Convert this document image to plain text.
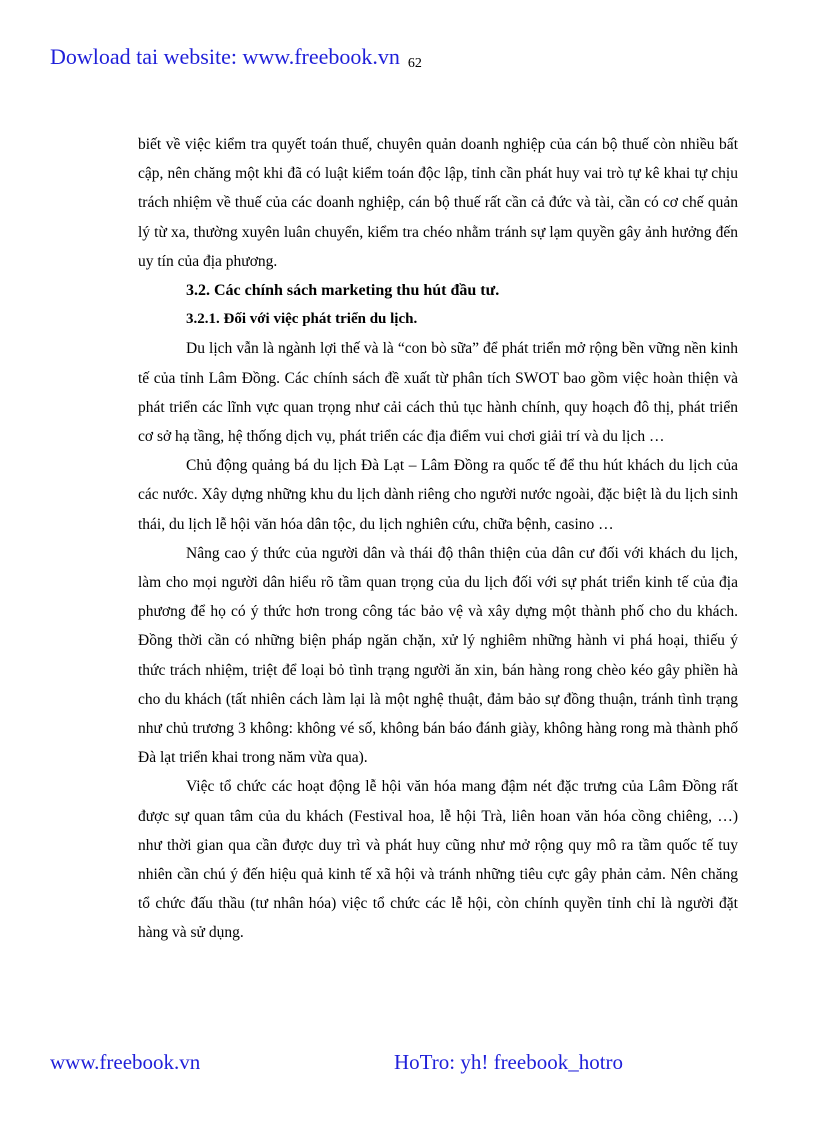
Dowload tai website: www.freebook.vn 62

biết về việc kiểm tra quyết toán thuế, chuyên quản doanh nghiệp của cán bộ thuế còn nhiều bất cập, nên chăng một khi đã có luật kiểm toán độc lập, tỉnh cần phát huy vai trò tự kê khai tự chịu trách nhiệm về thuế của các doanh nghiệp, cán bộ thuế rất cần cả đức và tài, cần có cơ chế quản lý từ xa, thường xuyên luân chuyển, kiểm tra chéo nhằm tránh sự lạm quyền gây ảnh hưởng đến uy tín của địa phương.

3.2. Các chính sách marketing thu hút đầu tư.

3.2.1. Đối với việc phát triển du lịch.

Du lịch vẫn là ngành lợi thế và là “con bò sữa” để phát triển mở rộng bền vững nền kinh tế của tỉnh Lâm Đồng. Các chính sách đề xuất từ phân tích SWOT bao gồm việc hoàn thiện và phát triển các lĩnh vực quan trọng như cải cách thủ tục hành chính, quy hoạch đô thị, phát triển cơ sở hạ tầng, hệ thống dịch vụ, phát triển các địa điểm vui chơi giải trí và du lịch …

Chủ động quảng bá du lịch Đà Lạt – Lâm Đồng ra quốc tế để thu hút khách du lịch của các nước. Xây dựng những khu du lịch dành riêng cho người nước ngoài, đặc biệt là du lịch sinh thái, du lịch lễ hội văn hóa dân tộc, du lịch nghiên cứu, chữa bệnh, casino …

Nâng cao ý thức của người dân và thái độ thân thiện của dân cư đối với khách du lịch, làm cho mọi người dân hiểu rõ tầm quan trọng của du lịch đối với sự phát triển kinh tế của địa phương để họ có ý thức hơn trong công tác bảo vệ và xây dựng một thành phố cho du khách. Đồng thời cần có những biện pháp ngăn chặn, xử lý nghiêm những hành vi phá hoại, thiếu ý thức trách nhiệm, triệt để loại bỏ tình trạng người ăn xin, bán hàng rong chèo kéo gây phiền hà cho du khách (tất nhiên cách làm lại là một nghệ thuật, đảm bảo sự đồng thuận, tránh tình trạng như chủ trương 3 không: không vé số, không bán báo đánh giày, không hàng rong mà thành phố Đà lạt triển khai trong năm vừa qua).

Việc tổ chức các hoạt động lễ hội văn hóa mang đậm nét đặc trưng của Lâm Đồng rất được sự quan tâm của du khách (Festival hoa, lễ hội Trà, liên hoan văn hóa cồng chiêng, …) như thời gian qua cần được duy trì và phát huy cũng như mở rộng quy mô ra tầm quốc tế tuy nhiên cần chú ý đến hiệu quả kinh tế xã hội và tránh những tiêu cực gây phản cảm. Nên chăng tổ chức đấu thầu (tư nhân hóa) việc tổ chức các lễ hội, còn chính quyền tỉnh chỉ là người đặt hàng và sử dụng.

www.freebook.vn	HoTro: yh! freebook_hotro
